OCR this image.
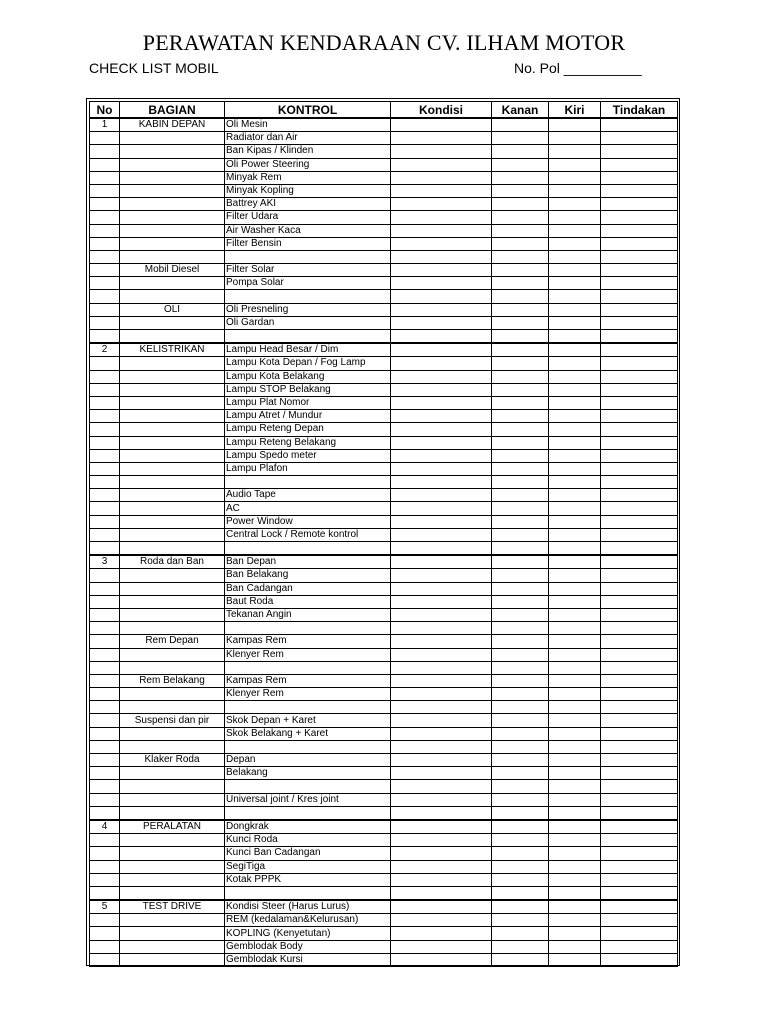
PERAWATAN KENDARAAN CV. ILHAM MOTOR
CHECK LIST MOBIL	No. Pol __________
No	BAGIAN	KONTROL	Kondisi	Kanan	Kiri	Tindakan
1	KABIN DEPAN	Oli Mesin				
		Radiator dan Air				
		Ban Kipas / Klinden				
		Oli Power Steering				
		Minyak Rem				
		Minyak Kopling				
		Battrey AKI				
		Filter Udara				
		Air Washer Kaca				
		Filter Bensin				

	Mobil Diesel	Filter Solar				
		Pompa Solar				

	OLI	Oli Presneling				
		Oli Gardan				

2	KELISTRIKAN	Lampu Head Besar / Dim				
		Lampu Kota Depan / Fog Lamp				
		Lampu Kota Belakang				
		Lampu STOP Belakang				
		Lampu Plat Nomor				
		Lampu Atret / Mundur				
		Lampu Reteng Depan				
		Lampu Reteng Belakang				
		Lampu Spedo meter				
		Lampu Plafon				

		Audio Tape				
		AC				
		Power Window				
		Central Lock / Remote kontrol				

3	Roda dan Ban	Ban Depan				
		Ban Belakang				
		Ban Cadangan				
		Baut Roda				
		Tekanan Angin				

	Rem Depan	Kampas Rem				
		Klenyer Rem				

	Rem Belakang	Kampas Rem				
		Klenyer Rem				

	Suspensi dan pir	Skok Depan + Karet				
		Skok Belakang + Karet				

	Klaker Roda	Depan				
		Belakang				

		Universal joint / Kres joint				

4	PERALATAN	Dongkrak				
		Kunci Roda				
		Kunci Ban Cadangan				
		SegiTiga				
		Kotak PPPK				

5	TEST DRIVE	Kondisi Steer (Harus Lurus)				
		REM (kedalaman&Kelurusan)				
		KOPLING (Kenyetutan)				
		Gemblodak Body				
		Gemblodak Kursi				
